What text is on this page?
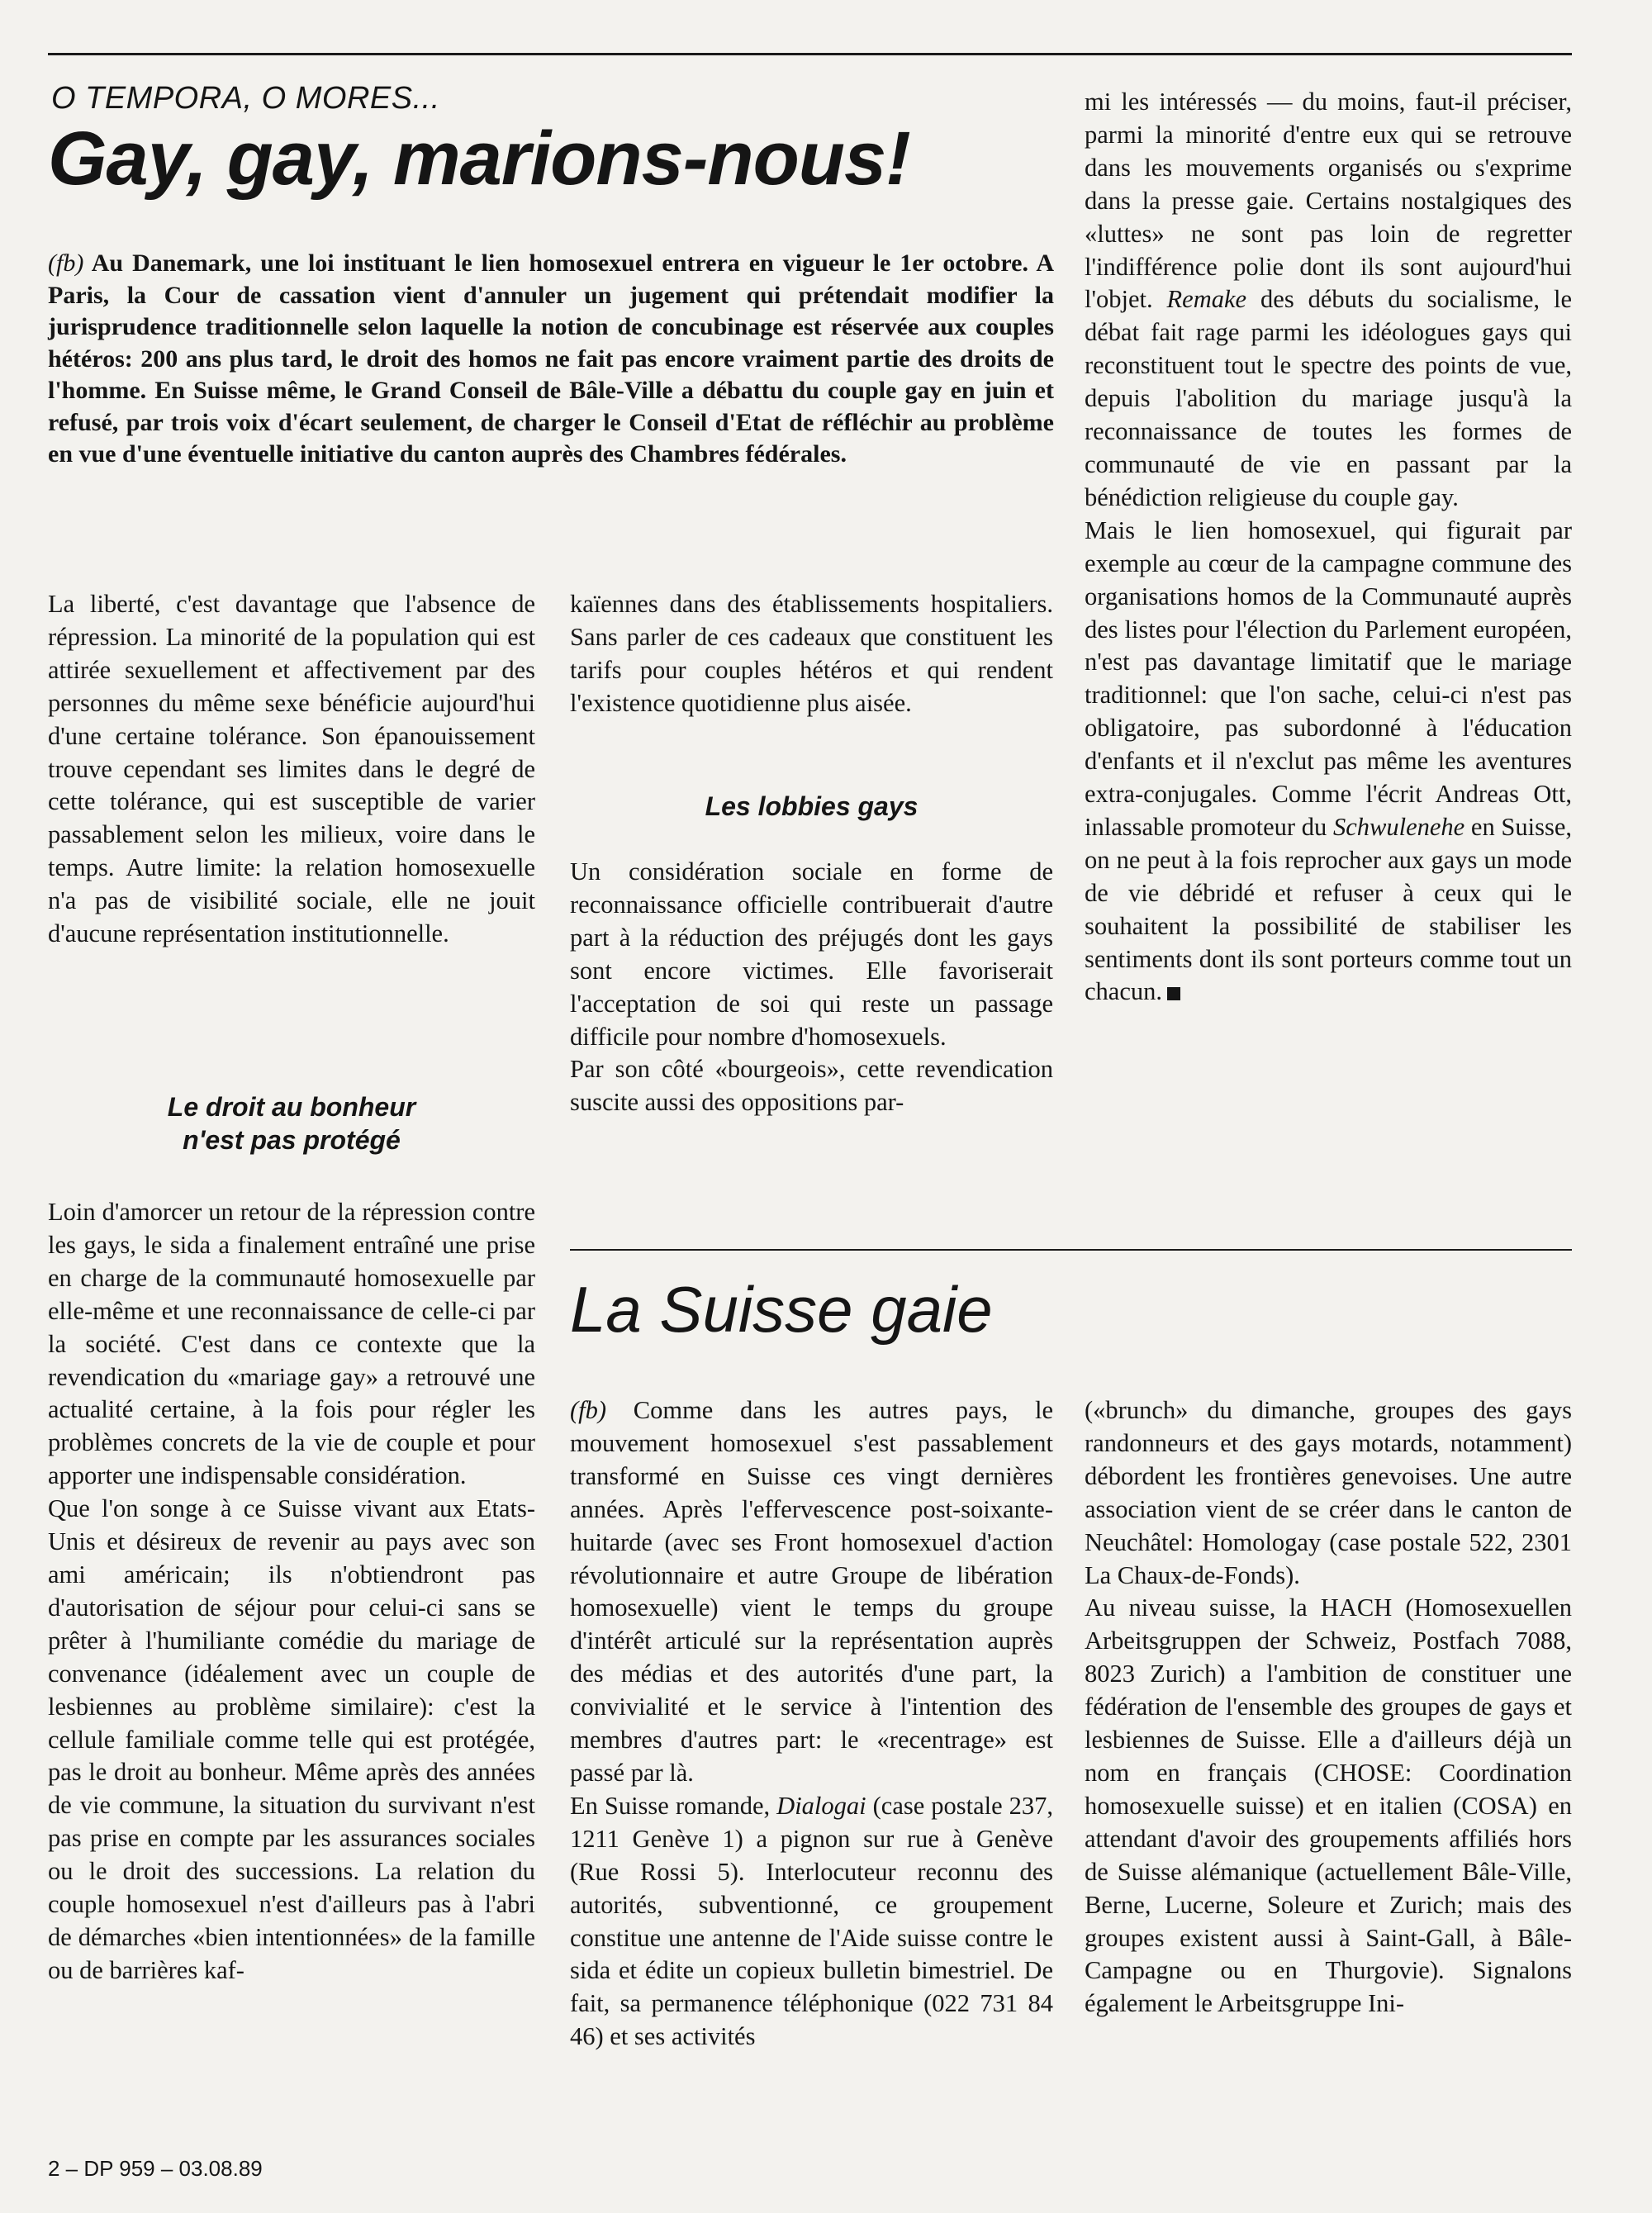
O TEMPORA, O MORES...
Gay, gay, marions-nous!
(fb) Au Danemark, une loi instituant le lien homosexuel entrera en vigueur le 1er octobre. A Paris, la Cour de cassation vient d'annuler un jugement qui prétendait modifier la jurisprudence traditionnelle selon laquelle la notion de concubinage est réservée aux couples hétéros: 200 ans plus tard, le droit des homos ne fait pas encore vraiment partie des droits de l'homme. En Suisse même, le Grand Conseil de Bâle-Ville a débattu du couple gay en juin et refusé, par trois voix d'écart seulement, de charger le Conseil d'Etat de réfléchir au problème en vue d'une éventuelle initiative du canton auprès des Chambres fédérales.

La liberté, c'est davantage que l'absence de répression. La minorité de la population qui est attirée sexuellement et affectivement par des personnes du même sexe bénéficie aujourd'hui d'une certaine tolérance. Son épanouissement trouve cependant ses limites dans le degré de cette tolérance, qui est susceptible de varier passablement selon les milieux, voire dans le temps. Autre limite: la relation homosexuelle n'a pas de visibilité sociale, elle ne jouit d'aucune représentation institutionnelle.

Le droit au bonheur
n'est pas protégé

Loin d'amorcer un retour de la répression contre les gays, le sida a finalement entraîné une prise en charge de la communauté homosexuelle par elle-même et une reconnaissance de celle-ci par la société. C'est dans ce contexte que la revendication du «mariage gay» a retrouvé une actualité certaine, à la fois pour régler les problèmes concrets de la vie de couple et pour apporter une indispensable considération.

Que l'on songe à ce Suisse vivant aux Etats-Unis et désireux de revenir au pays avec son ami américain; ils n'obtiendront pas d'autorisation de séjour pour celui-ci sans se prêter à l'humiliante comédie du mariage de convenance (idéalement avec un couple de lesbiennes au problème similaire): c'est la cellule familiale comme telle qui est protégée, pas le droit au bonheur. Même après des années de vie commune, la situation du survivant n'est pas prise en compte par les assurances sociales ou le droit des successions. La relation du couple homosexuel n'est d'ailleurs pas à l'abri de démarches «bien intentionnées» de la famille ou de barrières kaf-

kaïennes dans des établissements hospitaliers. Sans parler de ces cadeaux que constituent les tarifs pour couples hétéros et qui rendent l'existence quotidienne plus aisée.

Les lobbies gays

Un considération sociale en forme de reconnaissance officielle contribuerait d'autre part à la réduction des préjugés dont les gays sont encore victimes. Elle favoriserait l'acceptation de soi qui reste un passage difficile pour nombre d'homosexuels.

Par son côté «bourgeois», cette revendication suscite aussi des oppositions par-

mi les intéressés — du moins, faut-il préciser, parmi la minorité d'entre eux qui se retrouve dans les mouvements organisés ou s'exprime dans la presse gaie. Certains nostalgiques des «luttes» ne sont pas loin de regretter l'indifférence polie dont ils sont aujourd'hui l'objet. Remake des débuts du socialisme, le débat fait rage parmi les idéologues gays qui reconstituent tout le spectre des points de vue, depuis l'abolition du mariage jusqu'à la reconnaissance de toutes les formes de communauté de vie en passant par la bénédiction religieuse du couple gay.

Mais le lien homosexuel, qui figurait par exemple au cœur de la campagne commune des organisations homos de la Communauté auprès des listes pour l'élection du Parlement européen, n'est pas davantage limitatif que le mariage traditionnel: que l'on sache, celui-ci n'est pas obligatoire, pas subordonné à l'éducation d'enfants et il n'exclut pas même les aventures extra-conjugales. Comme l'écrit Andreas Ott, inlassable promoteur du Schwulenehe en Suisse, on ne peut à la fois reprocher aux gays un mode de vie débridé et refuser à ceux qui le souhaitent la possibilité de stabiliser les sentiments dont ils sont porteurs comme tout un chacun.

La Suisse gaie

(fb) Comme dans les autres pays, le mouvement homosexuel s'est passablement transformé en Suisse ces vingt dernières années. Après l'effervescence post-soixante-huitarde (avec ses Front homosexuel d'action révolutionnaire et autre Groupe de libération homosexuelle) vient le temps du groupe d'intérêt articulé sur la représentation auprès des médias et des autorités d'une part, la convivialité et le service à l'intention des membres d'autres part: le «recentrage» est passé par là.

En Suisse romande, Dialogai (case postale 237, 1211 Genève 1) a pignon sur rue à Genève (Rue Rossi 5). Interlocuteur reconnu des autorités, subventionné, ce groupement constitue une antenne de l'Aide suisse contre le sida et édite un copieux bulletin bimestriel. De fait, sa permanence téléphonique (022 731 84 46) et ses activités

(«brunch» du dimanche, groupes des gays randonneurs et des gays motards, notamment) débordent les frontières genevoises. Une autre association vient de se créer dans le canton de Neuchâtel: Homologay (case postale 522, 2301 La Chaux-de-Fonds).

Au niveau suisse, la HACH (Homosexuellen Arbeitsgruppen der Schweiz, Postfach 7088, 8023 Zurich) a l'ambition de constituer une fédération de l'ensemble des groupes de gays et lesbiennes de Suisse. Elle a d'ailleurs déjà un nom en français (CHOSE: Coordination homosexuelle suisse) et en italien (COSA) en attendant d'avoir des groupements affiliés hors de Suisse alémanique (actuellement Bâle-Ville, Berne, Lucerne, Soleure et Zurich; mais des groupes existent aussi à Saint-Gall, à Bâle-Campagne ou en Thurgovie). Signalons également le Arbeitsgruppe Ini-

2 – DP 959 – 03.08.89
